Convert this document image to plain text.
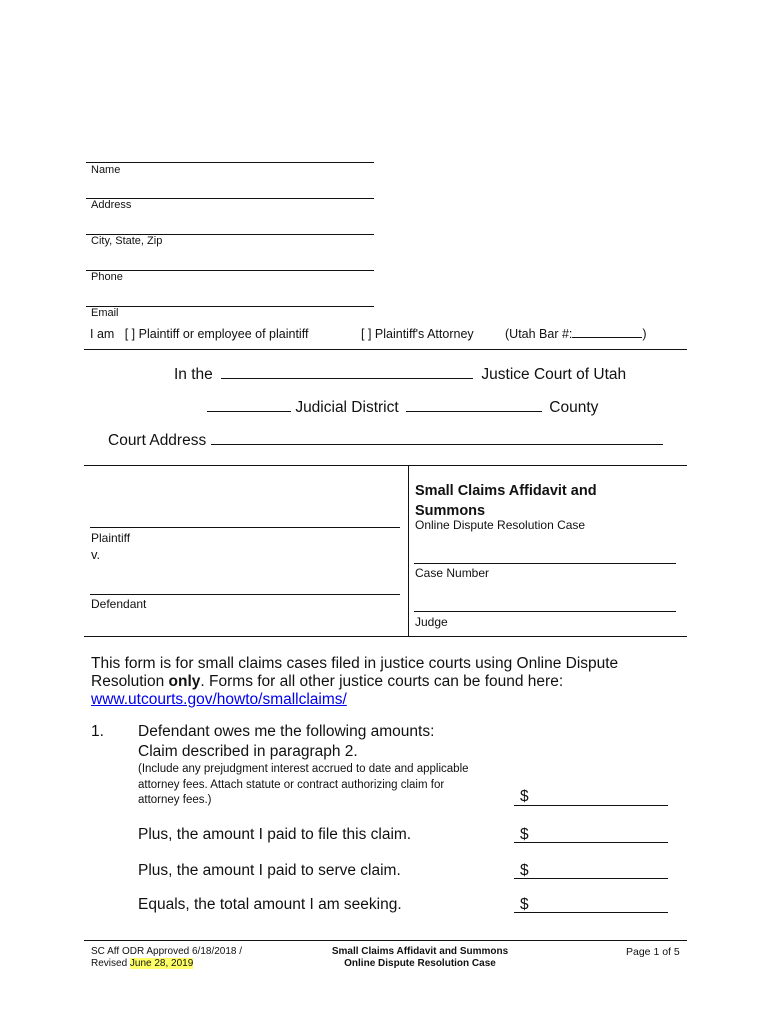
Name
Address
City, State, Zip
Phone
Email
I am [ ] Plaintiff or employee of plaintiff	[ ] Plaintiff's Attorney	(Utah Bar #:	)
In the	Justice Court of Utah
Judicial District	County
Court Address
Plaintiff
v.
Defendant
Small Claims Affidavit and
Summons
Online Dispute Resolution Case
Case Number
Judge
This form is for small claims cases filed in justice courts using Online Dispute
Resolution only. Forms for all other justice courts can be found here:
www.utcourts.gov/howto/smallclaims/
1. Defendant owes me the following amounts:
Claim described in paragraph 2.
(Include any prejudgment interest accrued to date and applicable
attorney fees. Attach statute or contract authorizing claim for
attorney fees.)	$
Plus, the amount I paid to file this claim.	$
Plus, the amount I paid to serve claim.	$
Equals, the total amount I am seeking.	$
SC Aff ODR Approved 6/18/2018 /
Revised June 28, 2019
Small Claims Affidavit and Summons
Online Dispute Resolution Case
Page 1 of 5
